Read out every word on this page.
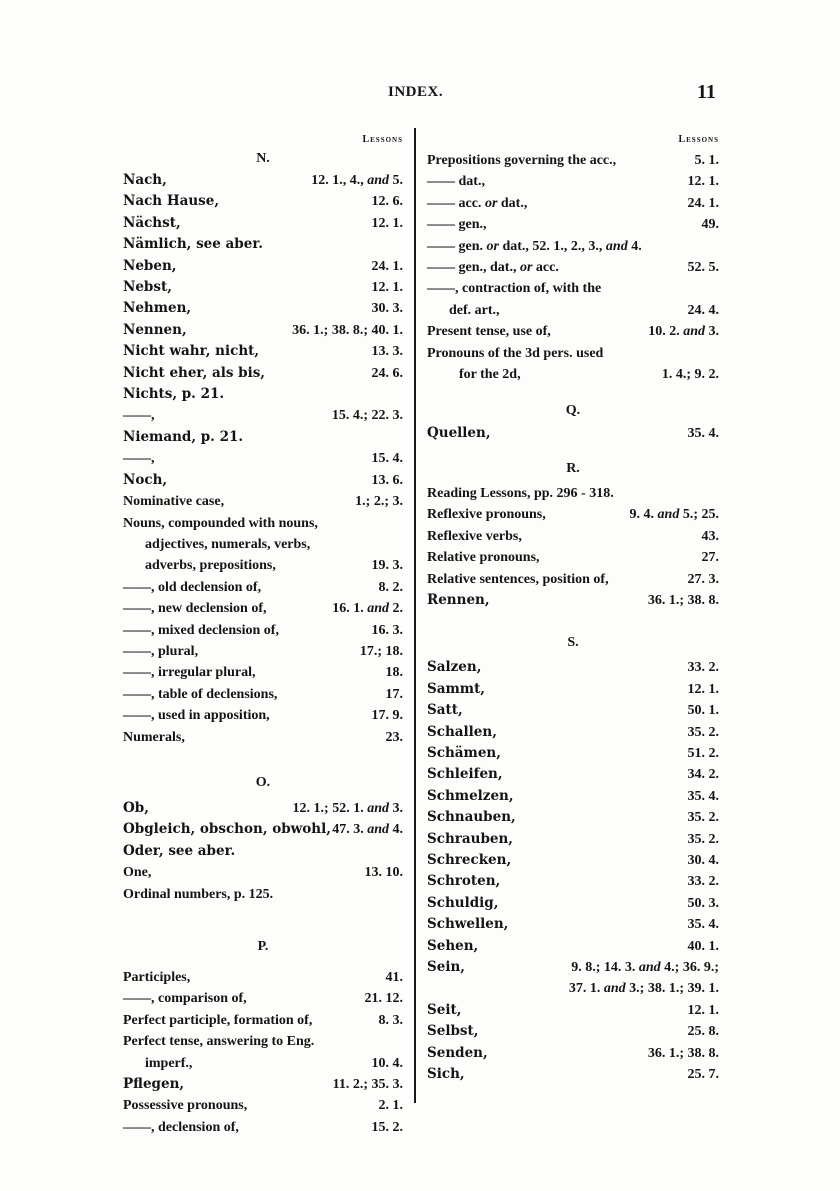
INDEX.	11
Lessons
N.
Nach,	12. 1., 4., and 5.
Nach Hause,	12. 6.
Nächst,	12. 1.
Nämlich, see aber.
Neben,	24. 1.
Nebst,	12. 1.
Nehmen,	30. 3.
Nennen,	36. 1.; 38. 8.; 40. 1.
Nicht wahr, nicht,	13. 3.
Nicht eher, als bis,	24. 6.
Nichts, p. 21.
——,	15. 4.; 22. 3.
Niemand, p. 21.
——,	15. 4.
Noch,	13. 6.
Nominative case,	1.; 2.; 3.
Nouns, compounded with nouns,
adjectives, numerals, verbs,
adverbs, prepositions,	19. 3.
——, old declension of,	8. 2.
——, new declension of,	16. 1. and 2.
——, mixed declension of,	16. 3.
——, plural,	17.; 18.
——, irregular plural,	18.
——, table of declensions,	17.
——, used in apposition,	17. 9.
Numerals,	23.
O.
Ob,	12. 1.; 52. 1. and 3.
Obgleich, obschon, obwohl, 47. 3. and 4.
Oder, see aber.
One,	13. 10.
Ordinal numbers, p. 125.
P.
Participles,	41.
——, comparison of,	21. 12.
Perfect participle, formation of,	8. 3.
Perfect tense, answering to Eng.
imperf.,	10. 4.
Pflegen,	11. 2.; 35. 3.
Possessive pronouns,	2. 1.
——, declension of,	15. 2.
Lessons
Prepositions governing the acc.,	5. 1.
—— dat.,	12. 1.
—— acc. or dat.,	24. 1.
—— gen.,	49.
—— gen. or dat., 52. 1., 2., 3., and 4.
—— gen., dat., or acc.	52. 5.
——, contraction of, with the
def. art.,	24. 4.
Present tense, use of,	10. 2. and 3.
Pronouns of the 3d pers. used
for the 2d,	1. 4.; 9. 2.
Q.
Quellen,	35. 4.
R.
Reading Lessons, pp. 296 - 318.
Reflexive pronouns,	9. 4. and 5.; 25.
Reflexive verbs,	43.
Relative pronouns,	27.
Relative sentences, position of,	27. 3.
Rennen,	36. 1.; 38. 8.
S.
Salzen,	33. 2.
Sammt,	12. 1.
Satt,	50. 1.
Schallen,	35. 2.
Schämen,	51. 2.
Schleifen,	34. 2.
Schmelzen,	35. 4.
Schnauben,	35. 2.
Schrauben,	35. 2.
Schrecken,	30. 4.
Schroten,	33. 2.
Schuldig,	50. 3.
Schwellen,	35. 4.
Sehen,	40. 1.
Sein,	9. 8.; 14. 3. and 4.; 36. 9.;
37. 1. and 3.; 38. 1.; 39. 1.
Seit,	12. 1.
Selbst,	25. 8.
Senden,	36. 1.; 38. 8.
Sich,	25. 7.
